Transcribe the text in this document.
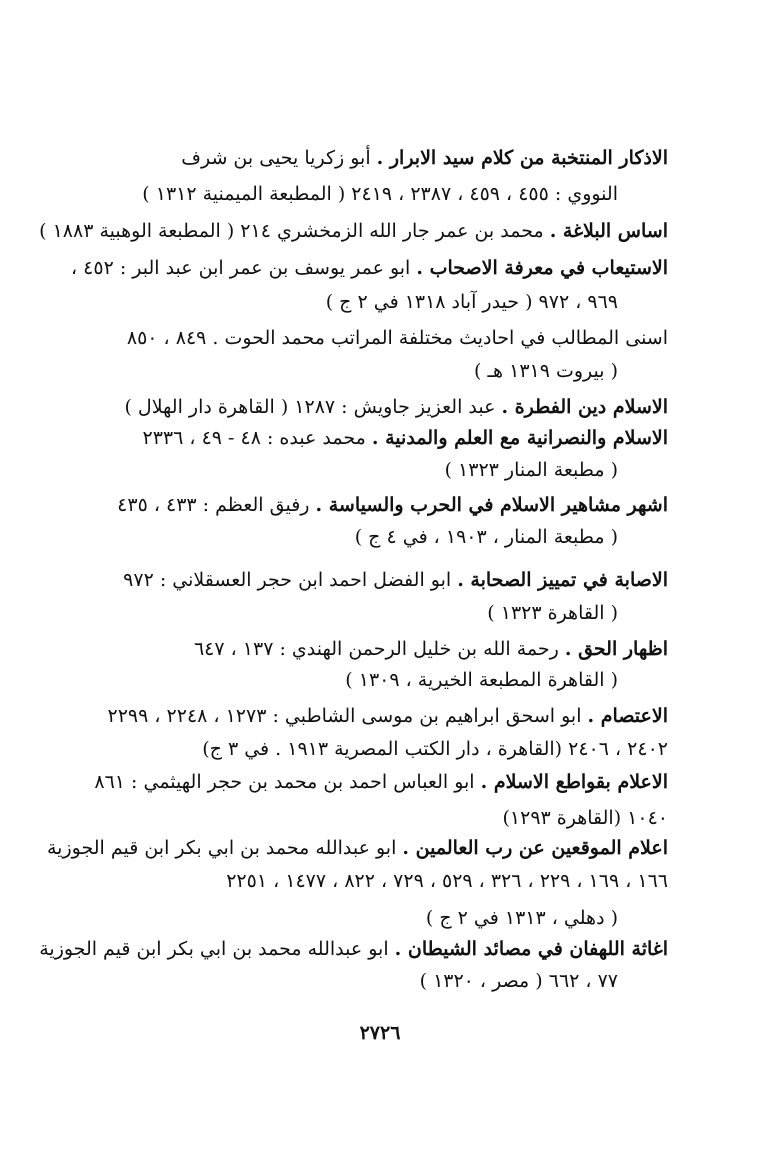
الاذكار المنتخبة من كلام سيد الابرار . أبو زكريا يحيى بن شرف
النووي : ٤٥٥ ، ٤٥٩ ، ٢٣٨٧ ، ٢٤١٩ ( المطبعة الميمنية ١٣١٢ )
اساس البلاغة . محمد بن عمر جار الله الزمخشري ٢١٤ ( المطبعة الوهبية ١٨٨٣ )
الاستيعاب في معرفة الاصحاب . ابو عمر يوسف بن عمر ابن عبد البر : ٤٥٢ ،
٩٦٩ ، ٩٧٢ ( حيدر آباد ١٣١٨ في ٢ ج )
اسنى المطالب في احاديث مختلفة المراتب محمد الحوت . ٨٤٩ ، ٨٥٠
( بيروت ١٣١٩ هـ )
الاسلام دين الفطرة . عبد العزيز جاويش : ١٢٨٧ ( القاهرة دار الهلال )
الاسلام والنصرانية مع العلم والمدنية . محمد عبده : ٤٨ - ٤٩ ، ٢٣٣٦
( مطبعة المنار ١٣٢٣ )
اشهر مشاهير الاسلام في الحرب والسياسة . رفيق العظم : ٤٣٣ ، ٤٣٥
( مطبعة المنار ، ١٩٠٣ ، في ٤ ج )
الاصابة في تمييز الصحابة . ابو الفضل احمد ابن حجر العسقلاني : ٩٧٢
( القاهرة ١٣٢٣ )
اظهار الحق . رحمة الله بن خليل الرحمن الهندي : ١٣٧ ، ٦٤٧
( القاهرة المطبعة الخيرية ، ١٣٠٩ )
الاعتصام . ابو اسحق ابراهيم بن موسى الشاطبي : ١٢٧٣ ، ٢٢٤٨ ، ٢٢٩٩
٢٤٠٢ ، ٢٤٠٦ (القاهرة ، دار الكتب المصرية ١٩١٣ . في ٣ ج)
الاعلام بقواطع الاسلام . ابو العباس احمد بن محمد بن حجر الهيثمي : ٨٦١
١٠٤٠ (القاهرة ١٢٩٣)
اعلام الموقعين عن رب العالمين . ابو عبدالله محمد بن ابي بكر ابن قيم الجوزية
١٦٦ ، ١٦٩ ، ٢٢٩ ، ٣٢٦ ، ٥٢٩ ، ٧٢٩ ، ٨٢٢ ، ١٤٧٧ ، ٢٢٥١
( دهلي ، ١٣١٣ في ٢ ج )
اغاثة اللهفان في مصائد الشيطان . ابو عبدالله محمد بن ابي بكر ابن قيم الجوزية
٧٧ ، ٦٦٢ ( مصر ، ١٣٢٠ )
٢٧٢٦
